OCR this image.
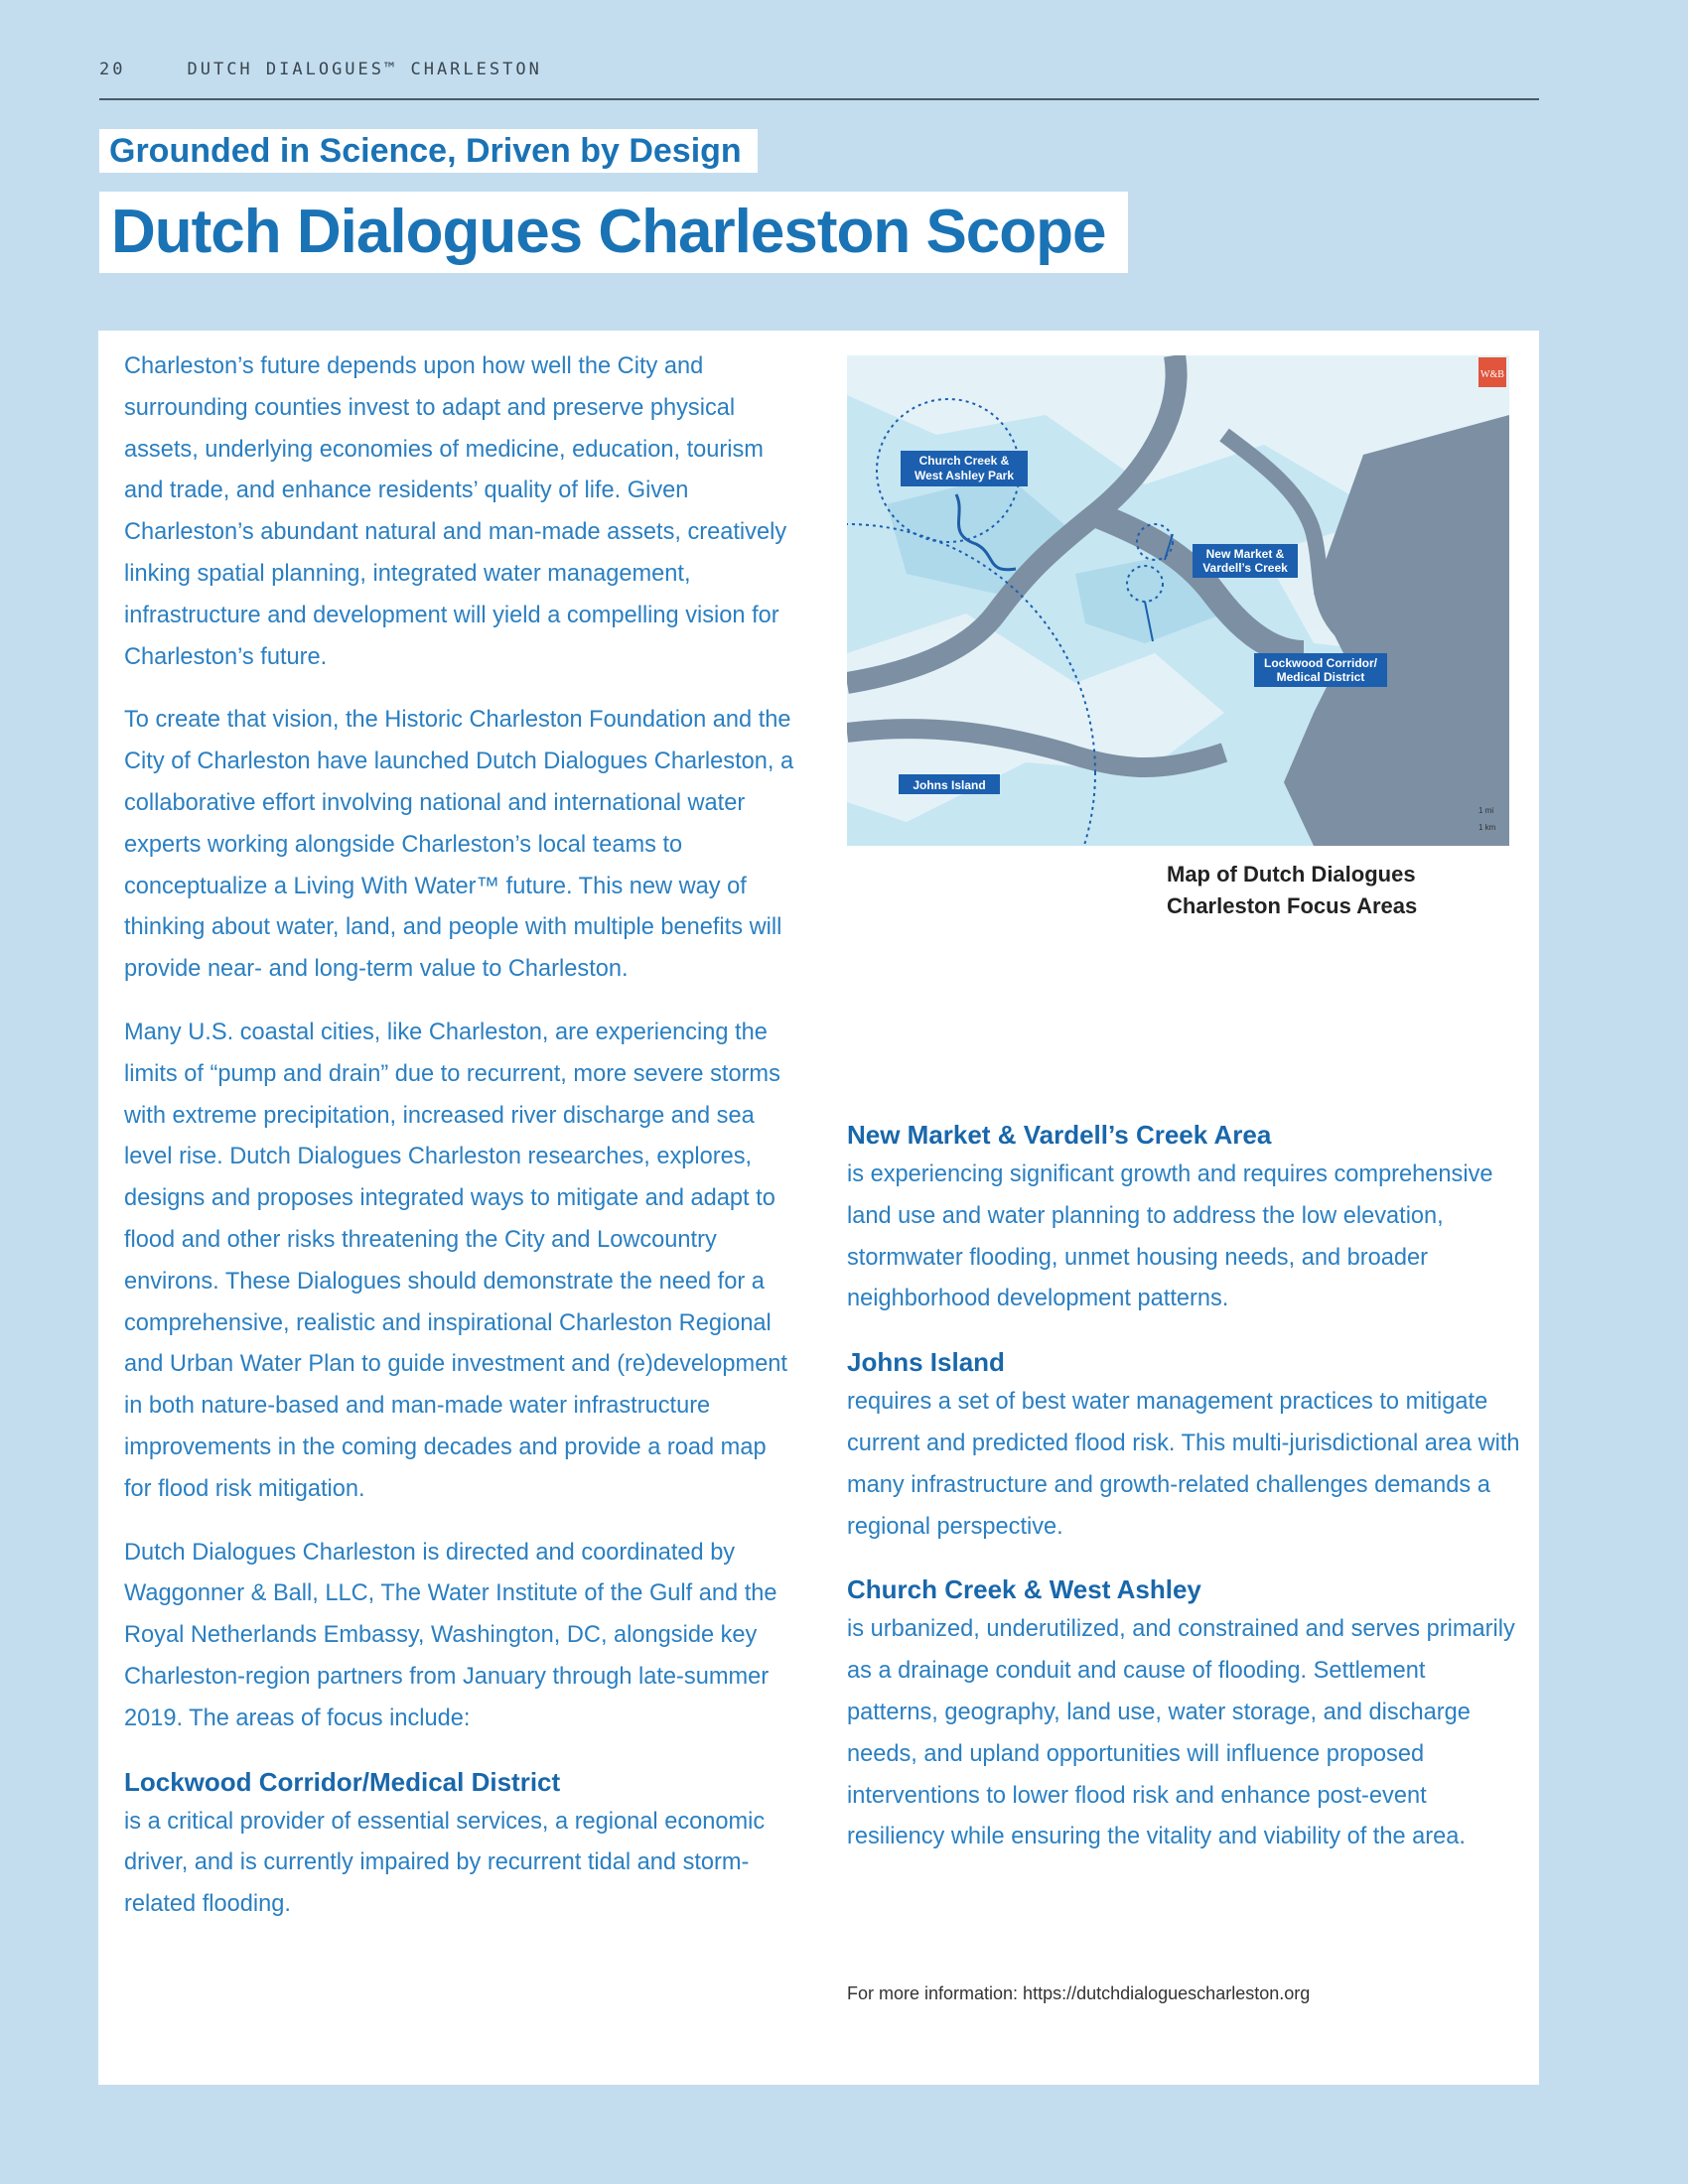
20	DUTCH DIALOGUES™ CHARLESTON
Grounded in Science, Driven by Design
Dutch Dialogues Charleston Scope

Charleston’s future depends upon how well the City and surrounding counties invest to adapt and preserve physical assets, underlying economies of medicine, education, tourism and trade, and enhance residents’ quality of life. Given Charleston’s abundant natural and man-made assets, creatively linking spatial planning, integrated water management, infrastructure and development will yield a compelling vision for Charleston’s future.

To create that vision, the Historic Charleston Foundation and the City of Charleston have launched Dutch Dialogues Charleston, a collaborative effort involving national and international water experts working alongside Charleston’s local teams to conceptualize a Living With Water™ future. This new way of thinking about water, land, and people with multiple benefits will provide near- and long-term value to Charleston.

Many U.S. coastal cities, like Charleston, are experiencing the limits of “pump and drain” due to recurrent, more severe storms with extreme precipitation, increased river discharge and sea level rise. Dutch Dialogues Charleston researches, explores, designs and proposes integrated ways to mitigate and adapt to flood and other risks threatening the City and Lowcountry environs. These Dialogues should demonstrate the need for a comprehensive, realistic and inspirational Charleston Regional and Urban Water Plan to guide investment and (re)development in both nature-based and man-made water infrastructure improvements in the coming decades and provide a road map for flood risk mitigation.

Dutch Dialogues Charleston is directed and coordinated by Waggonner & Ball, LLC, The Water Institute of the Gulf and the Royal Netherlands Embassy, Washington, DC, alongside key Charleston-region partners from January through late-summer 2019. The areas of focus include:

Lockwood Corridor/Medical District

is a critical provider of essential services, a regional economic driver, and is currently impaired by recurrent tidal and storm-related flooding.

W&B
Church Creek &
West Ashley Park
New Market &
Vardell’s Creek
Lockwood Corridor/
Medical District
Johns Island
1 mi
1 km
Map of Dutch Dialogues Charleston Focus Areas
New Market & Vardell’s Creek Area

is experiencing significant growth and requires comprehensive land use and water planning to address the low elevation, stormwater flooding, unmet housing needs, and broader neighborhood development patterns.

Johns Island

requires a set of best water management practices to mitigate current and predicted flood risk. This multi-jurisdictional area with many infrastructure and growth-related challenges demands a regional perspective.

Church Creek & West Ashley

is urbanized, underutilized, and constrained and serves primarily as a drainage conduit and cause of flooding. Settlement patterns, geography, land use, water storage, and discharge needs, and upland opportunities will influence proposed interventions to lower flood risk and enhance post-event resiliency while ensuring the vitality and viability of the area.

For more information: https://dutchdialoguescharleston.org
